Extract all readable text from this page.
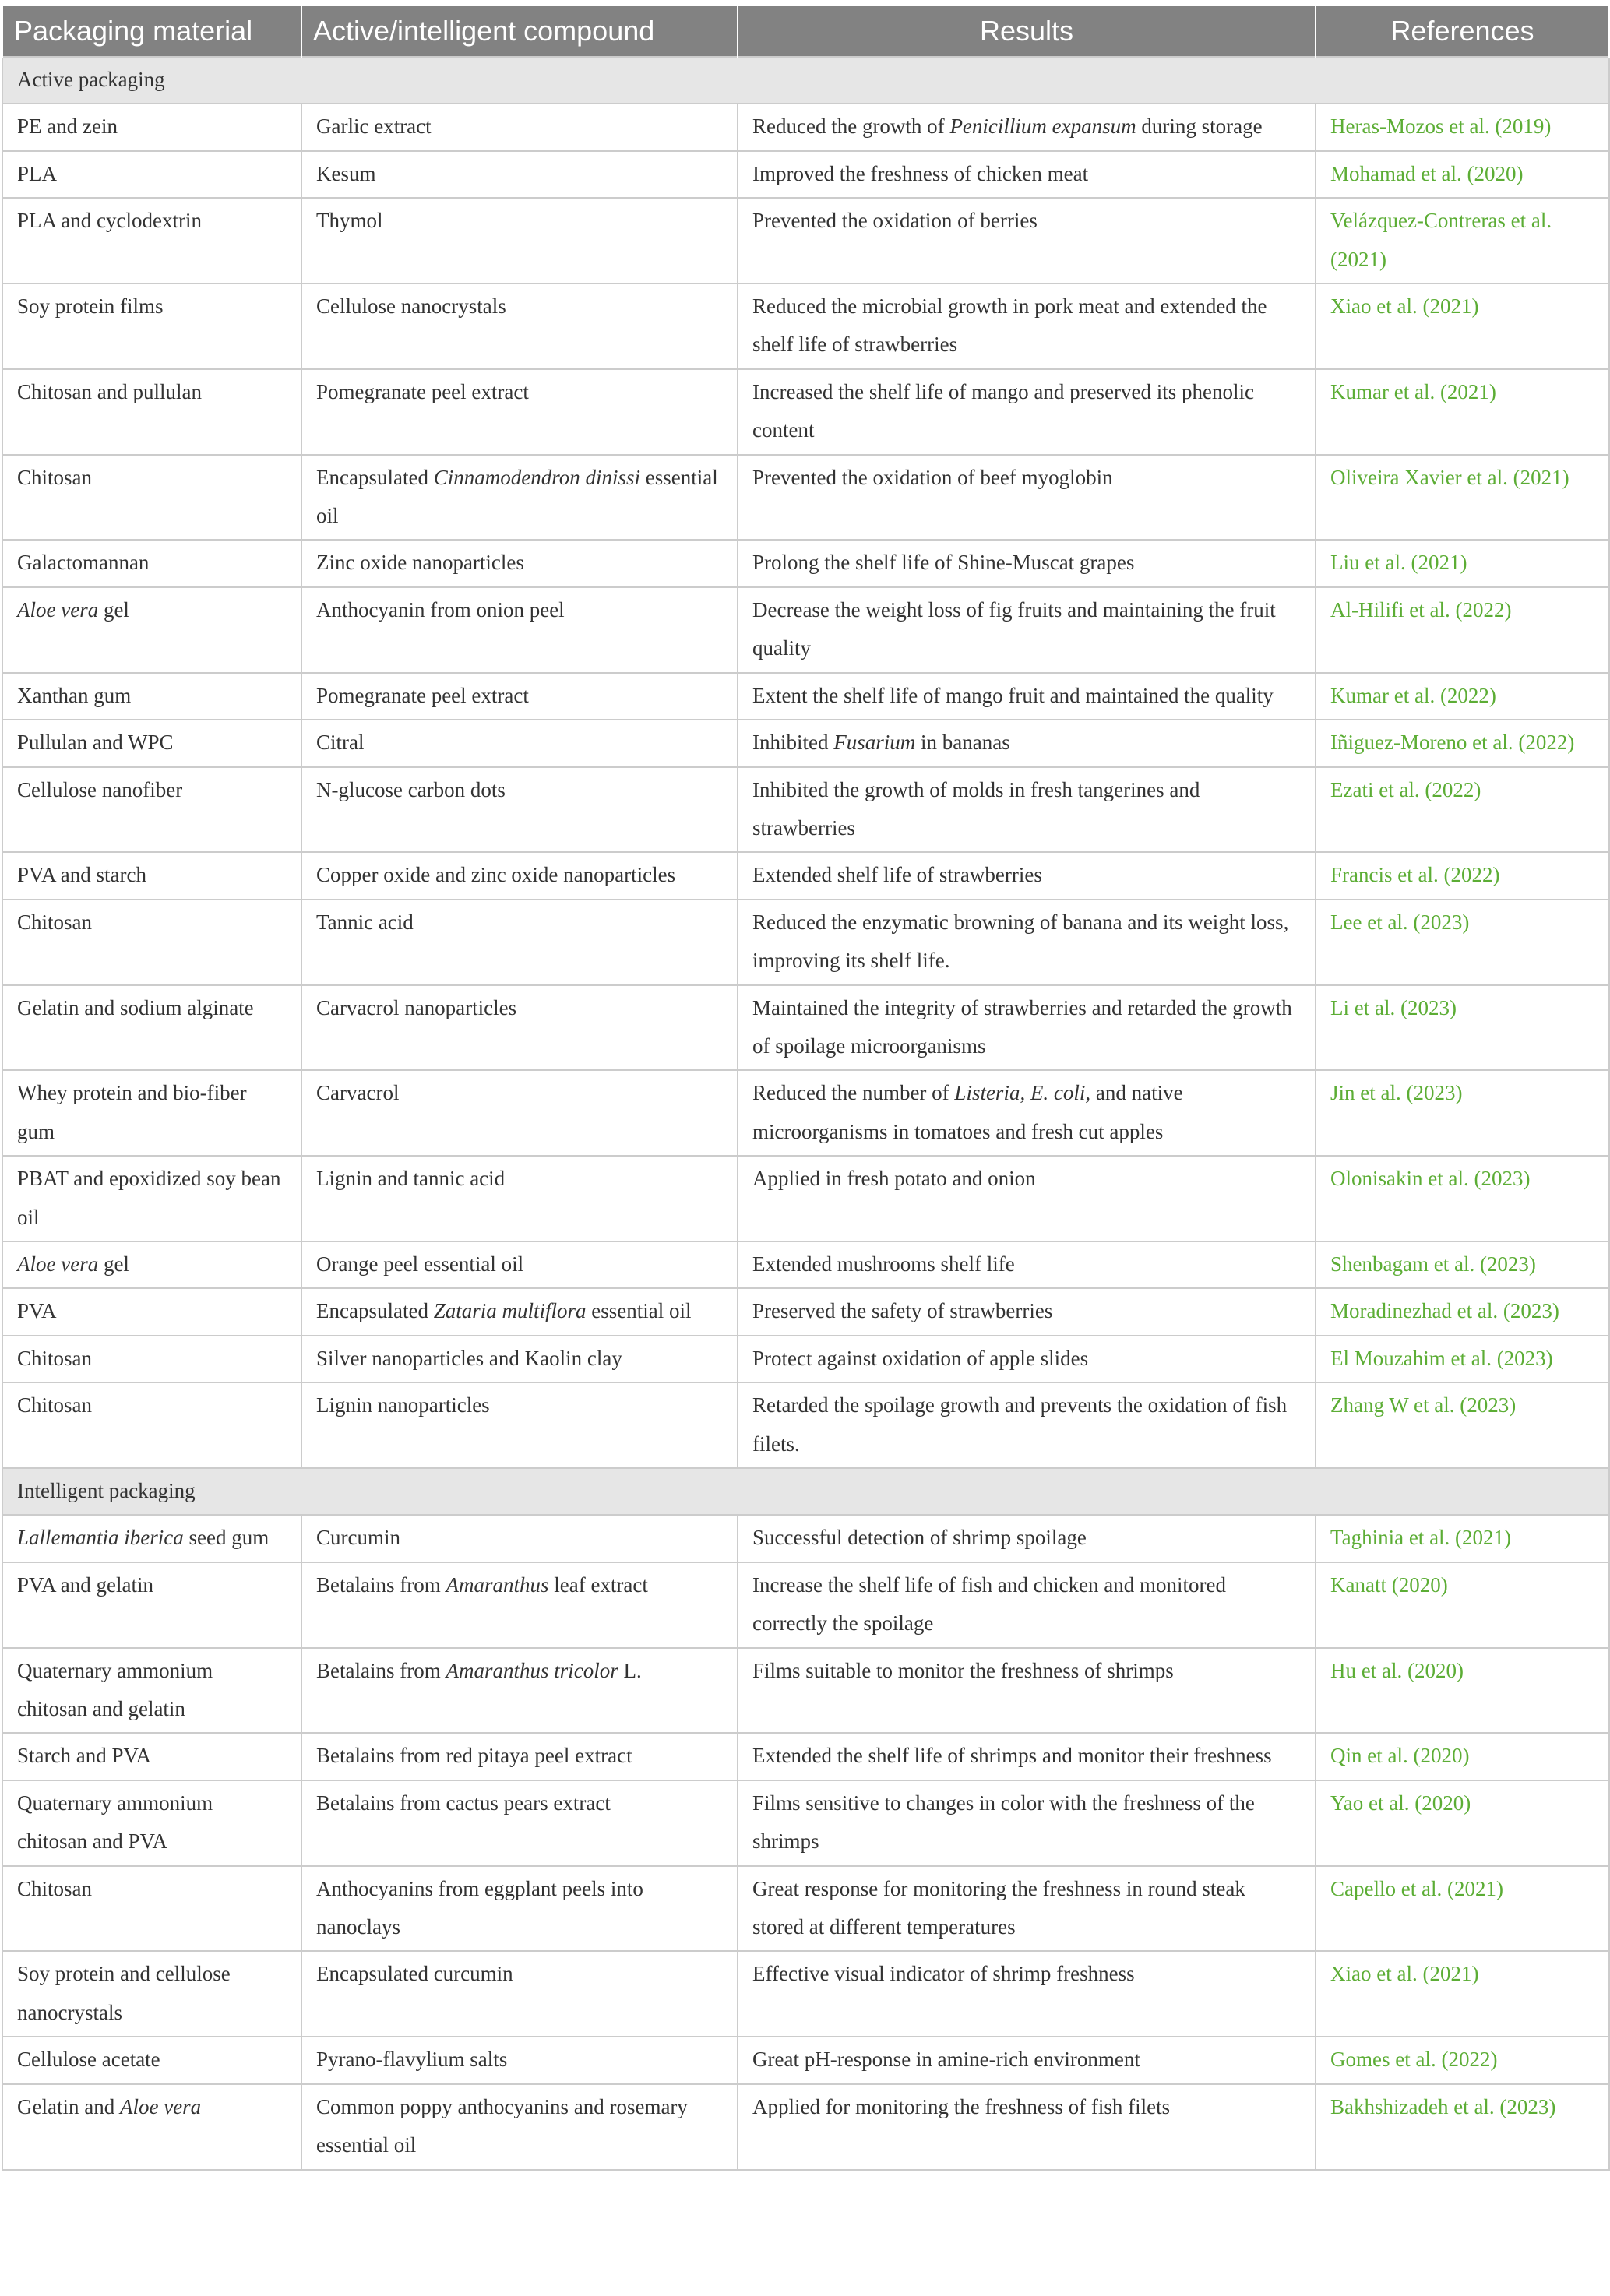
Packaging material	Active/intelligent compound	Results	References
Active packaging			
PE and zein	Garlic extract	Reduced the growth of Penicillium expansum during storage	Heras-Mozos et al. (2019)
PLA	Kesum	Improved the freshness of chicken meat	Mohamad et al. (2020)
PLA and cyclodextrin	Thymol	Prevented the oxidation of berries	Velázquez-Contreras et al. (2021)
Soy protein films	Cellulose nanocrystals	Reduced the microbial growth in pork meat and extended the shelf life of strawberries	Xiao et al. (2021)
Chitosan and pullulan	Pomegranate peel extract	Increased the shelf life of mango and preserved its phenolic content	Kumar et al. (2021)
Chitosan	Encapsulated Cinnamodendron dinissi essential oil	Prevented the oxidation of beef myoglobin	Oliveira Xavier et al. (2021)
Galactomannan	Zinc oxide nanoparticles	Prolong the shelf life of Shine-Muscat grapes	Liu et al. (2021)
Aloe vera gel	Anthocyanin from onion peel	Decrease the weight loss of fig fruits and maintaining the fruit quality	Al-Hilifi et al. (2022)
Xanthan gum	Pomegranate peel extract	Extent the shelf life of mango fruit and maintained the quality	Kumar et al. (2022)
Pullulan and WPC	Citral	Inhibited Fusarium in bananas	Iñiguez-Moreno et al. (2022)
Cellulose nanofiber	N-glucose carbon dots	Inhibited the growth of molds in fresh tangerines and strawberries	Ezati et al. (2022)
PVA and starch	Copper oxide and zinc oxide nanoparticles	Extended shelf life of strawberries	Francis et al. (2022)
Chitosan	Tannic acid	Reduced the enzymatic browning of banana and its weight loss, improving its shelf life.	Lee et al. (2023)
Gelatin and sodium alginate	Carvacrol nanoparticles	Maintained the integrity of strawberries and retarded the growth of spoilage microorganisms	Li et al. (2023)
Whey protein and bio-fiber gum	Carvacrol	Reduced the number of Listeria, E. coli, and native microorganisms in tomatoes and fresh cut apples	Jin et al. (2023)
PBAT and epoxidized soy bean oil	Lignin and tannic acid	Applied in fresh potato and onion	Olonisakin et al. (2023)
Aloe vera gel	Orange peel essential oil	Extended mushrooms shelf life	Shenbagam et al. (2023)
PVA	Encapsulated Zataria multiflora essential oil	Preserved the safety of strawberries	Moradinezhad et al. (2023)
Chitosan	Silver nanoparticles and Kaolin clay	Protect against oxidation of apple slides	El Mouzahim et al. (2023)
Chitosan	Lignin nanoparticles	Retarded the spoilage growth and prevents the oxidation of fish filets.	Zhang W et al. (2023)
Intelligent packaging			
Lallemantia iberica seed gum	Curcumin	Successful detection of shrimp spoilage	Taghinia et al. (2021)
PVA and gelatin	Betalains from Amaranthus leaf extract	Increase the shelf life of fish and chicken and monitored correctly the spoilage	Kanatt (2020)
Quaternary ammonium chitosan and gelatin	Betalains from Amaranthus tricolor L.	Films suitable to monitor the freshness of shrimps	Hu et al. (2020)
Starch and PVA	Betalains from red pitaya peel extract	Extended the shelf life of shrimps and monitor their freshness	Qin et al. (2020)
Quaternary ammonium chitosan and PVA	Betalains from cactus pears extract	Films sensitive to changes in color with the freshness of the shrimps	Yao et al. (2020)
Chitosan	Anthocyanins from eggplant peels into nanoclays	Great response for monitoring the freshness in round steak stored at different temperatures	Capello et al. (2021)
Soy protein and cellulose nanocrystals	Encapsulated curcumin	Effective visual indicator of shrimp freshness	Xiao et al. (2021)
Cellulose acetate	Pyrano-flavylium salts	Great pH-response in amine-rich environment	Gomes et al. (2022)
Gelatin and Aloe vera	Common poppy anthocyanins and rosemary essential oil	Applied for monitoring the freshness of fish filets	Bakhshizadeh et al. (2023)
